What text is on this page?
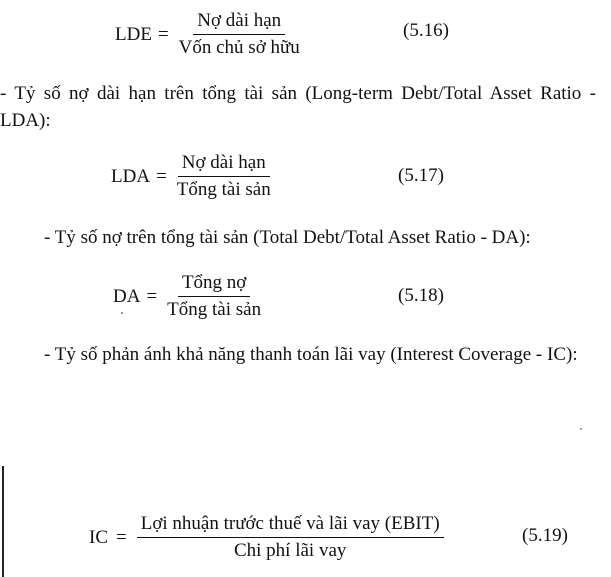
LDE = $\frac{\text{Nợ dài hạn}}{\text{Vốn chủ sở hữu}}$	(5.16)
- Tỷ số nợ dài hạn trên tổng tài sản (Long-term Debt/Total Asset Ratio - LDA):
LDA = $\frac{\text{Nợ dài hạn}}{\text{Tổng tài sản}}$	(5.17)
- Tỷ số nợ trên tổng tài sản (Total Debt/Total Asset Ratio - DA):
DA = $\frac{\text{Tổng nợ}}{\text{Tổng tài sản}}$	(5.18)
- Tỷ số phản ánh khả năng thanh toán lãi vay (Interest Coverage - IC):
IC = $\frac{\text{Lợi nhuận trước thuế và lãi vay (EBIT)}}{\text{Chi phí lãi vay}}$	(5.19)
